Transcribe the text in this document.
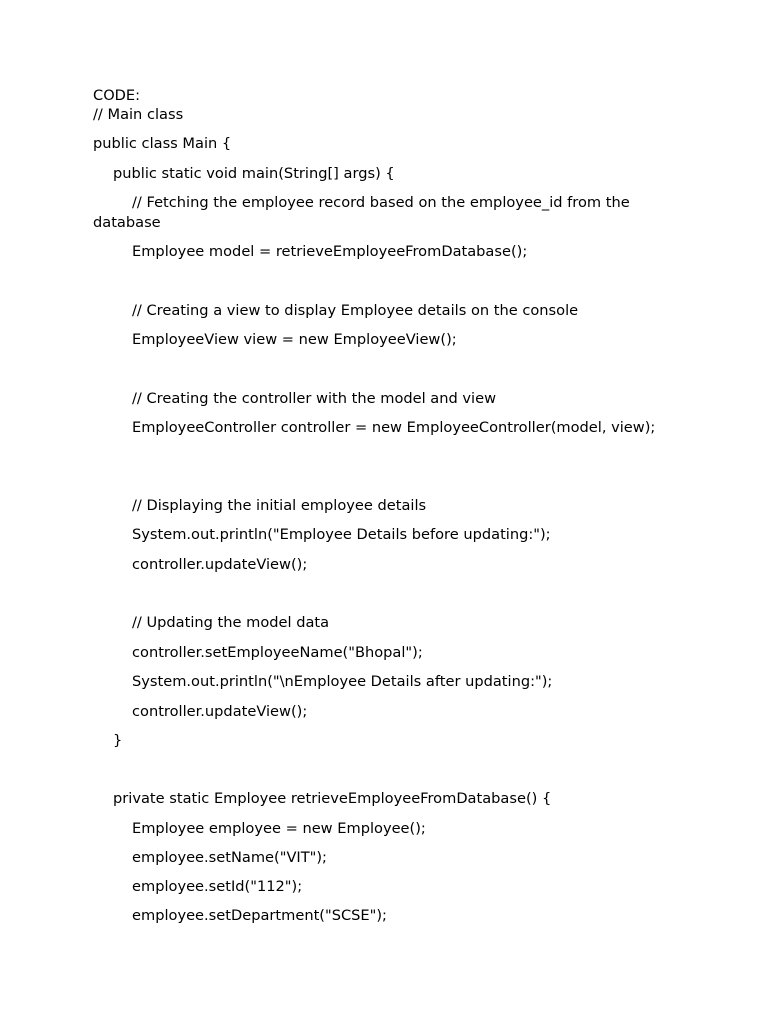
CODE:

// Main class

public class Main {

public static void main(String[] args) {

// Fetching the employee record based on the employee_id from the database

Employee model = retrieveEmployeeFromDatabase();

// Creating a view to display Employee details on the console

EmployeeView view = new EmployeeView();

// Creating the controller with the model and view

EmployeeController controller = new EmployeeController(model, view);

// Displaying the initial employee details

System.out.println("Employee Details before updating:");

controller.updateView();

// Updating the model data

controller.setEmployeeName("Bhopal");

System.out.println("\nEmployee Details after updating:");

controller.updateView();

}

private static Employee retrieveEmployeeFromDatabase() {

Employee employee = new Employee();

employee.setName("VIT");

employee.setId("112");

employee.setDepartment("SCSE");
